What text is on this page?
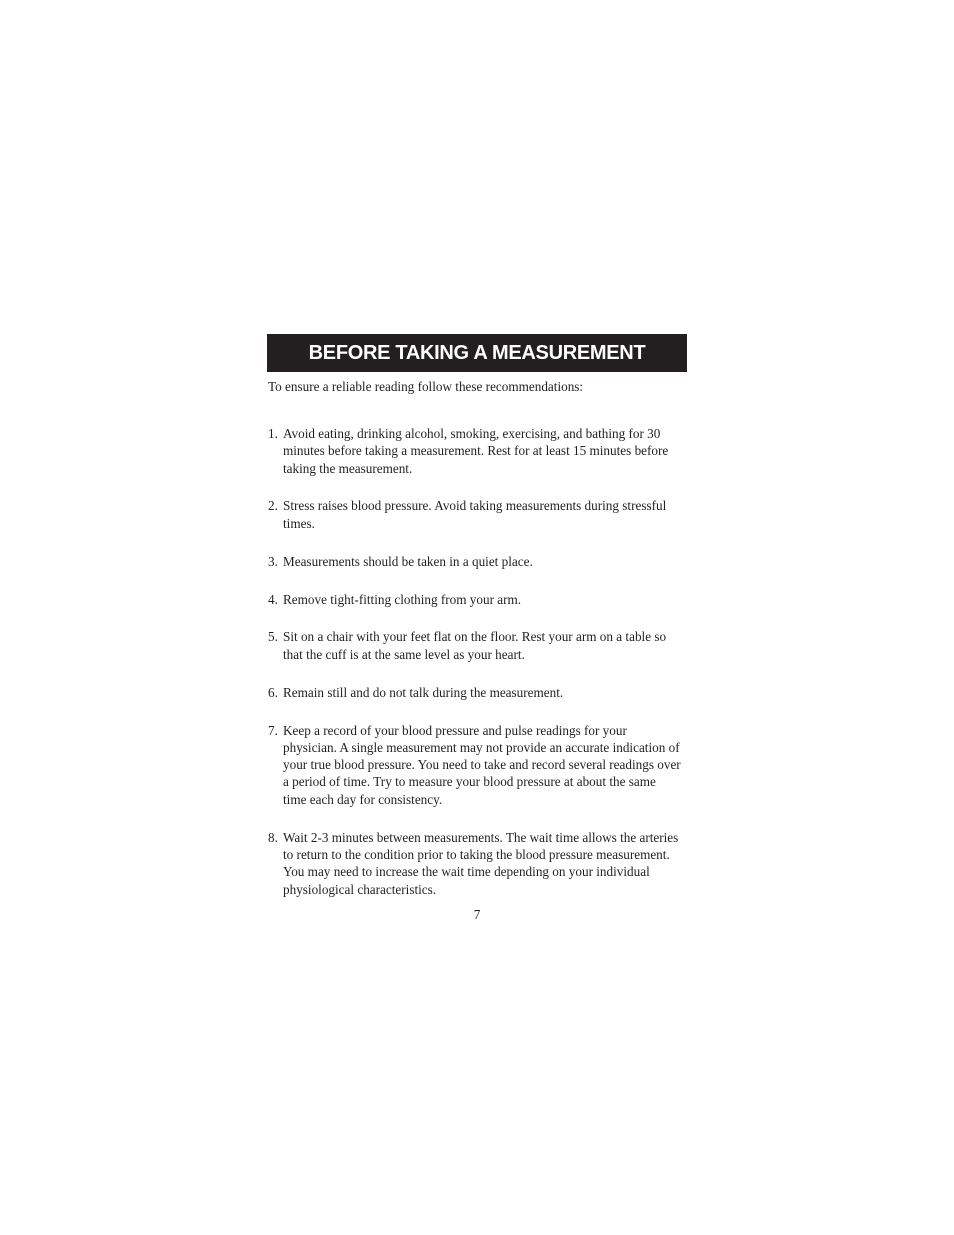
BEFORE TAKING A MEASUREMENT

To ensure a reliable reading follow these recommendations:

1. Avoid eating, drinking alcohol, smoking, exercising, and bathing for 30 minutes before taking a measurement. Rest for at least 15 minutes before taking the measurement.
2. Stress raises blood pressure. Avoid taking measurements during stressful times.
3. Measurements should be taken in a quiet place.
4. Remove tight-fitting clothing from your arm.
5. Sit on a chair with your feet flat on the floor. Rest your arm on a table so that the cuff is at the same level as your heart.
6. Remain still and do not talk during the measurement.
7. Keep a record of your blood pressure and pulse readings for your physician. A single measurement may not provide an accurate indication of your true blood pressure. You need to take and record several readings over a period of time. Try to measure your blood pressure at about the same time each day for consistency.
8. Wait 2-3 minutes between measurements. The wait time allows the arteries to return to the condition prior to taking the blood pressure measurement. You may need to increase the wait time depending on your individual physiological characteristics.
7
